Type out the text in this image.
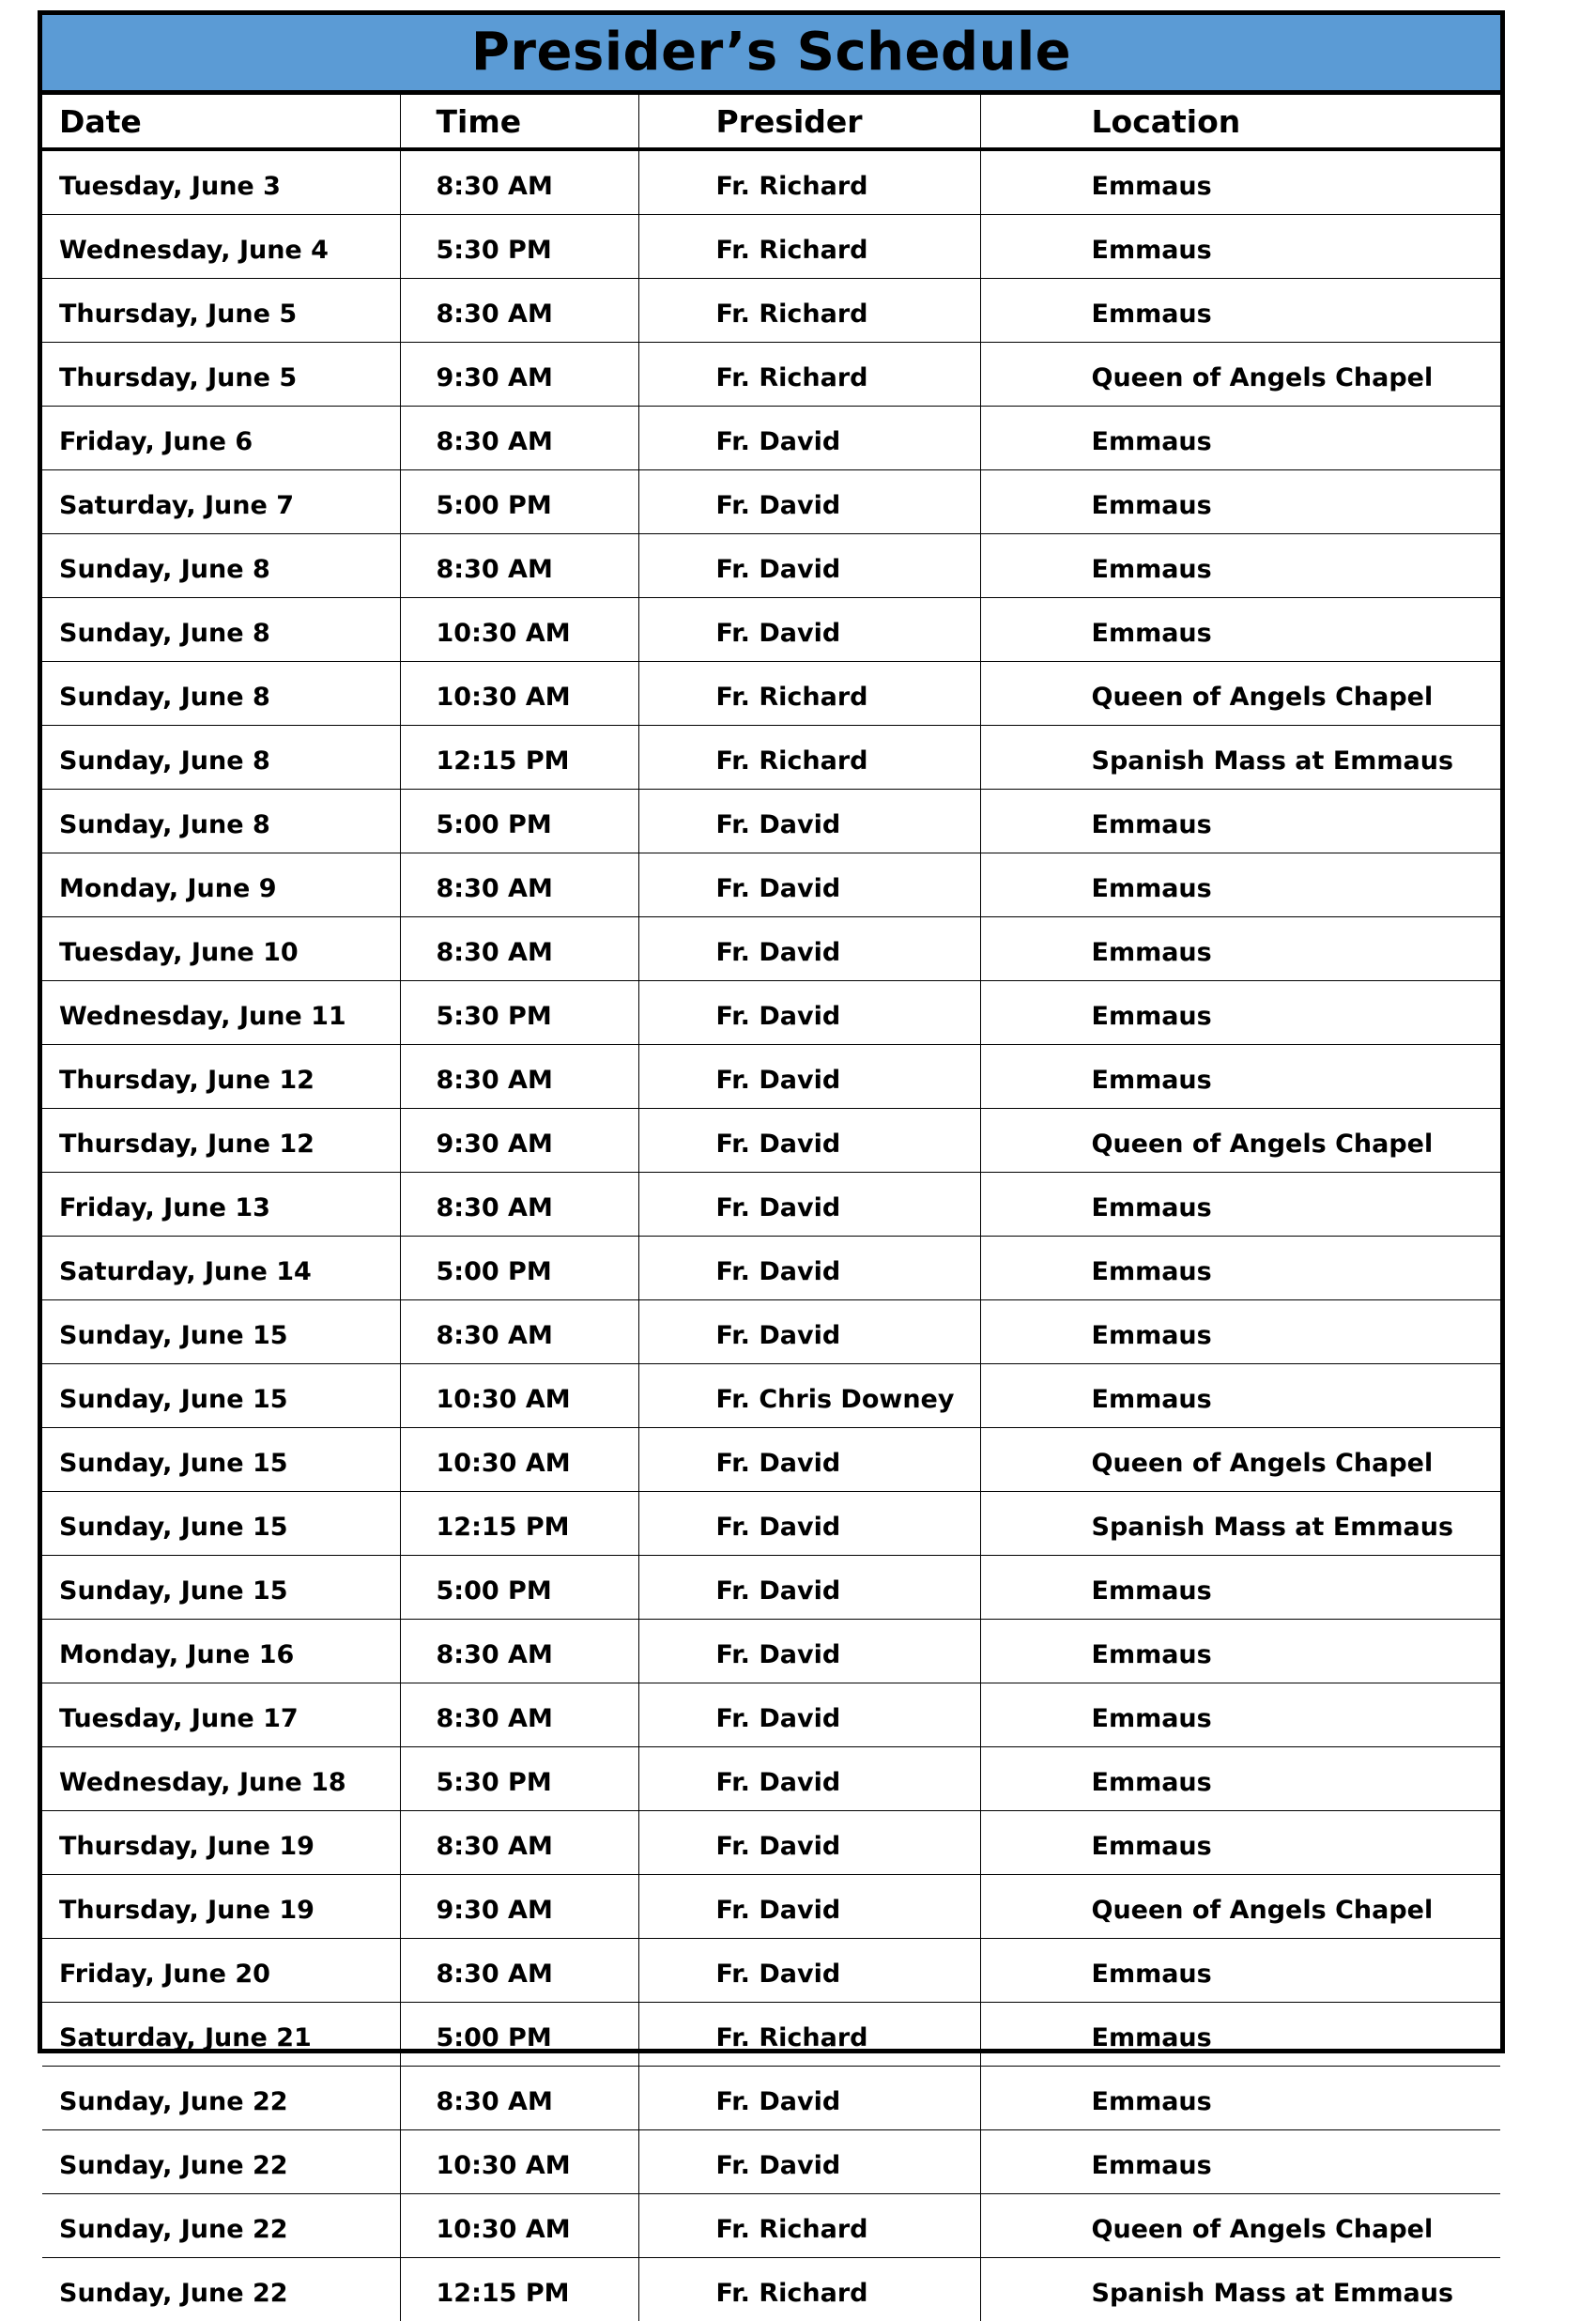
Presider’s Schedule
Date	Time	Presider	Location
Tuesday, June 3	8:30 AM	Fr. Richard	Emmaus
Wednesday, June 4	5:30 PM	Fr. Richard	Emmaus
Thursday, June 5	8:30 AM	Fr. Richard	Emmaus
Thursday, June 5	9:30 AM	Fr. Richard	Queen of Angels Chapel
Friday, June 6	8:30 AM	Fr. David	Emmaus
Saturday, June 7	5:00 PM	Fr. David	Emmaus
Sunday, June 8	8:30 AM	Fr. David	Emmaus
Sunday, June 8	10:30 AM	Fr. David	Emmaus
Sunday, June 8	10:30 AM	Fr. Richard	Queen of Angels Chapel
Sunday, June 8	12:15 PM	Fr. Richard	Spanish Mass at Emmaus
Sunday, June 8	5:00 PM	Fr. David	Emmaus
Monday, June 9	8:30 AM	Fr. David	Emmaus
Tuesday, June 10	8:30 AM	Fr. David	Emmaus
Wednesday, June 11	5:30 PM	Fr. David	Emmaus
Thursday, June 12	8:30 AM	Fr. David	Emmaus
Thursday, June 12	9:30 AM	Fr. David	Queen of Angels Chapel
Friday, June 13	8:30 AM	Fr. David	Emmaus
Saturday, June 14	5:00 PM	Fr. David	Emmaus
Sunday, June 15	8:30 AM	Fr. David	Emmaus
Sunday, June 15	10:30 AM	Fr. Chris Downey	Emmaus
Sunday, June 15	10:30 AM	Fr. David	Queen of Angels Chapel
Sunday, June 15	12:15 PM	Fr. David	Spanish Mass at Emmaus
Sunday, June 15	5:00 PM	Fr. David	Emmaus
Monday, June 16	8:30 AM	Fr. David	Emmaus
Tuesday, June 17	8:30 AM	Fr. David	Emmaus
Wednesday, June 18	5:30 PM	Fr. David	Emmaus
Thursday, June 19	8:30 AM	Fr. David	Emmaus
Thursday, June 19	9:30 AM	Fr. David	Queen of Angels Chapel
Friday, June 20	8:30 AM	Fr. David	Emmaus
Saturday, June 21	5:00 PM	Fr. Richard	Emmaus
Sunday, June 22	8:30 AM	Fr. David	Emmaus
Sunday, June 22	10:30 AM	Fr. David	Emmaus
Sunday, June 22	10:30 AM	Fr. Richard	Queen of Angels Chapel
Sunday, June 22	12:15 PM	Fr. Richard	Spanish Mass at Emmaus
